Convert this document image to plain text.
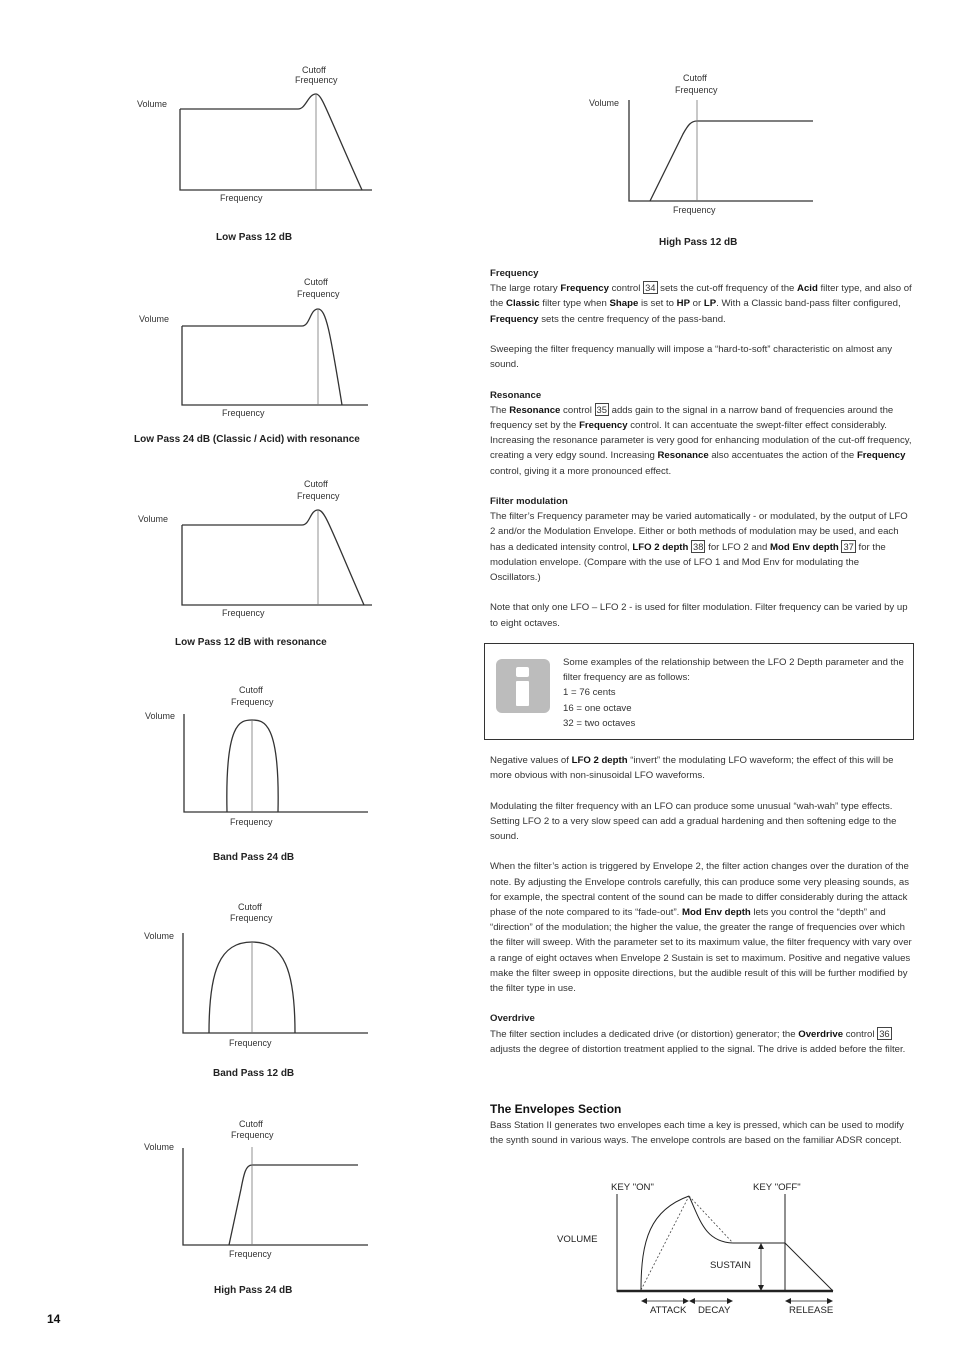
Volume
Cutoff
Frequency
Frequency
Low Pass 12 dB
Volume
Cutoff
Frequency
Frequency
Low Pass 24 dB (Classic / Acid) with resonance
Volume
Cutoff
Frequency
Frequency
Low Pass 12 dB with resonance
Volume
Cutoff
Frequency
Frequency
Band Pass 24 dB
Volume
Cutoff
Frequency
Frequency
Band Pass 12 dB
Volume
Cutoff
Frequency
Frequency
High Pass 24 dB
Volume
Cutoff
Frequency
Frequency
High Pass 12 dB

Frequency

The large rotary Frequency control 34 sets the cut-off frequency of the Acid filter type, and also of the Classic filter type when Shape is set to HP or LP. With a Classic band-pass filter configured, Frequency sets the centre frequency of the pass-band.

Sweeping the filter frequency manually will impose a “hard-to-soft” characteristic on almost any sound.

Resonance

The Resonance control 35 adds gain to the signal in a narrow band of frequencies around the frequency set by the Frequency control. It can accentuate the swept-filter effect considerably. Increasing the resonance parameter is very good for enhancing modulation of the cut-off frequency, creating a very edgy sound. Increasing Resonance also accentuates the action of the Frequency control, giving it a more pronounced effect.

Filter modulation

The filter’s Frequency parameter may be varied automatically - or modulated, by the output of LFO 2 and/or the Modulation Envelope. Either or both methods of modulation may be used, and each has a dedicated intensity control, LFO 2 depth 38 for LFO 2 and Mod Env depth 37 for the modulation envelope. (Compare with the use of LFO 1 and Mod Env for modulating the Oscillators.)

Note that only one LFO – LFO 2 - is used for filter modulation. Filter frequency can be varied by up to eight octaves.

Some examples of the relationship between the LFO 2 Depth parameter and the filter frequency are as follows:
1 = 76 cents
16 = one octave
32 = two octaves

Negative values of LFO 2 depth “invert” the modulating LFO waveform; the effect of this will be more obvious with non-sinusoidal LFO waveforms.

Modulating the filter frequency with an LFO can produce some unusual “wah-wah” type effects. Setting LFO 2 to a very slow speed can add a gradual hardening and then softening edge to the sound.

When the filter’s action is triggered by Envelope 2, the filter action changes over the duration of the note. By adjusting the Envelope controls carefully, this can produce some very pleasing sounds, as for example, the spectral content of the sound can be made to differ considerably during the attack phase of the note compared to its “fade-out”. Mod Env depth lets you control the “depth” and “direction” of the modulation; the higher the value, the greater the range of frequencies over which the filter will sweep. With the parameter set to its maximum value, the filter frequency with vary over a range of eight octaves when Envelope 2 Sustain is set to maximum. Positive and negative values make the filter sweep in opposite directions, but the audible result of this will be further modified by the filter type in use.

Overdrive

The filter section includes a dedicated drive (or distortion) generator; the Overdrive control 36 adjusts the degree of distortion treatment applied to the signal. The drive is added before the filter.

The Envelopes Section
Bass Station II generates two envelopes each time a key is pressed, which can be used to modify the synth sound in various ways. The envelope controls are based on the familiar ADSR concept.
KEY "ON"	KEY "OFF"
VOLUME
SUSTAIN
ATTACK DECAY	RELEASE
14
